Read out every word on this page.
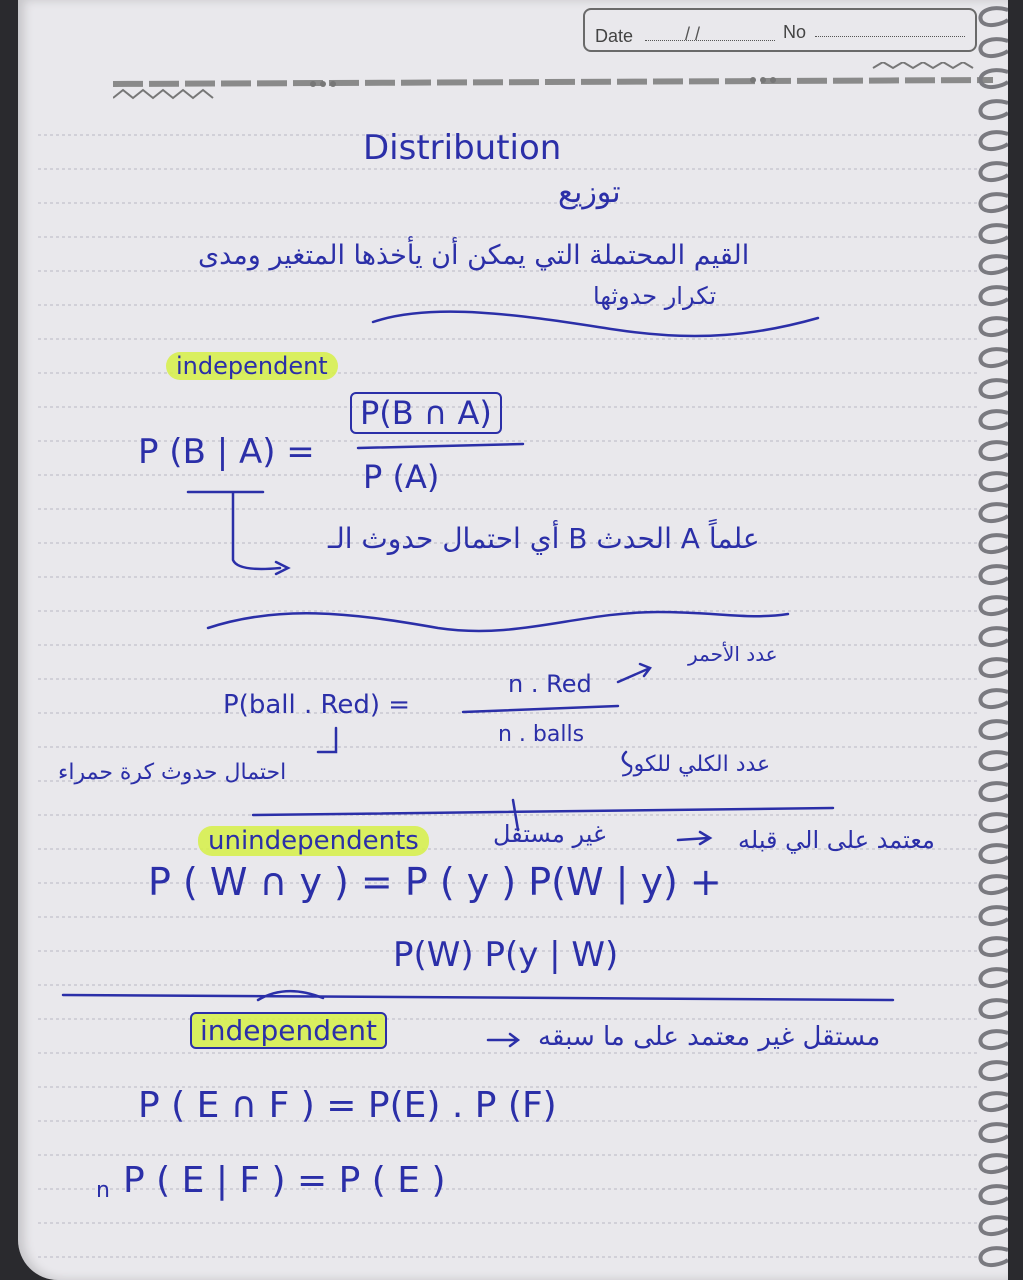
Date	/ /	No
Distribution
توزيع
القيم المحتملة التي يمكن أن يأخذها المتغير ومدى
تكرار حدوثها
independent
P (B | A) =
P(B ∩ A)
P (A)
أي احتمال حدوث الـ B الحدث A علماً
عدد الأحمر
P(ball . Red) =
n . Red
n . balls
احتمال حدوث كرة حمراء	عدد الكلي للكور
unindependents	غير مستقل	معتمد على الي قبله
P ( W ∩ y ) = P ( y ) P(W | y) +
P(W) P(y | W)
independent	مستقل غير معتمد على ما سبقه
P ( E ∩ F ) = P(E) . P (F)
n P ( E | F ) = P ( E )
